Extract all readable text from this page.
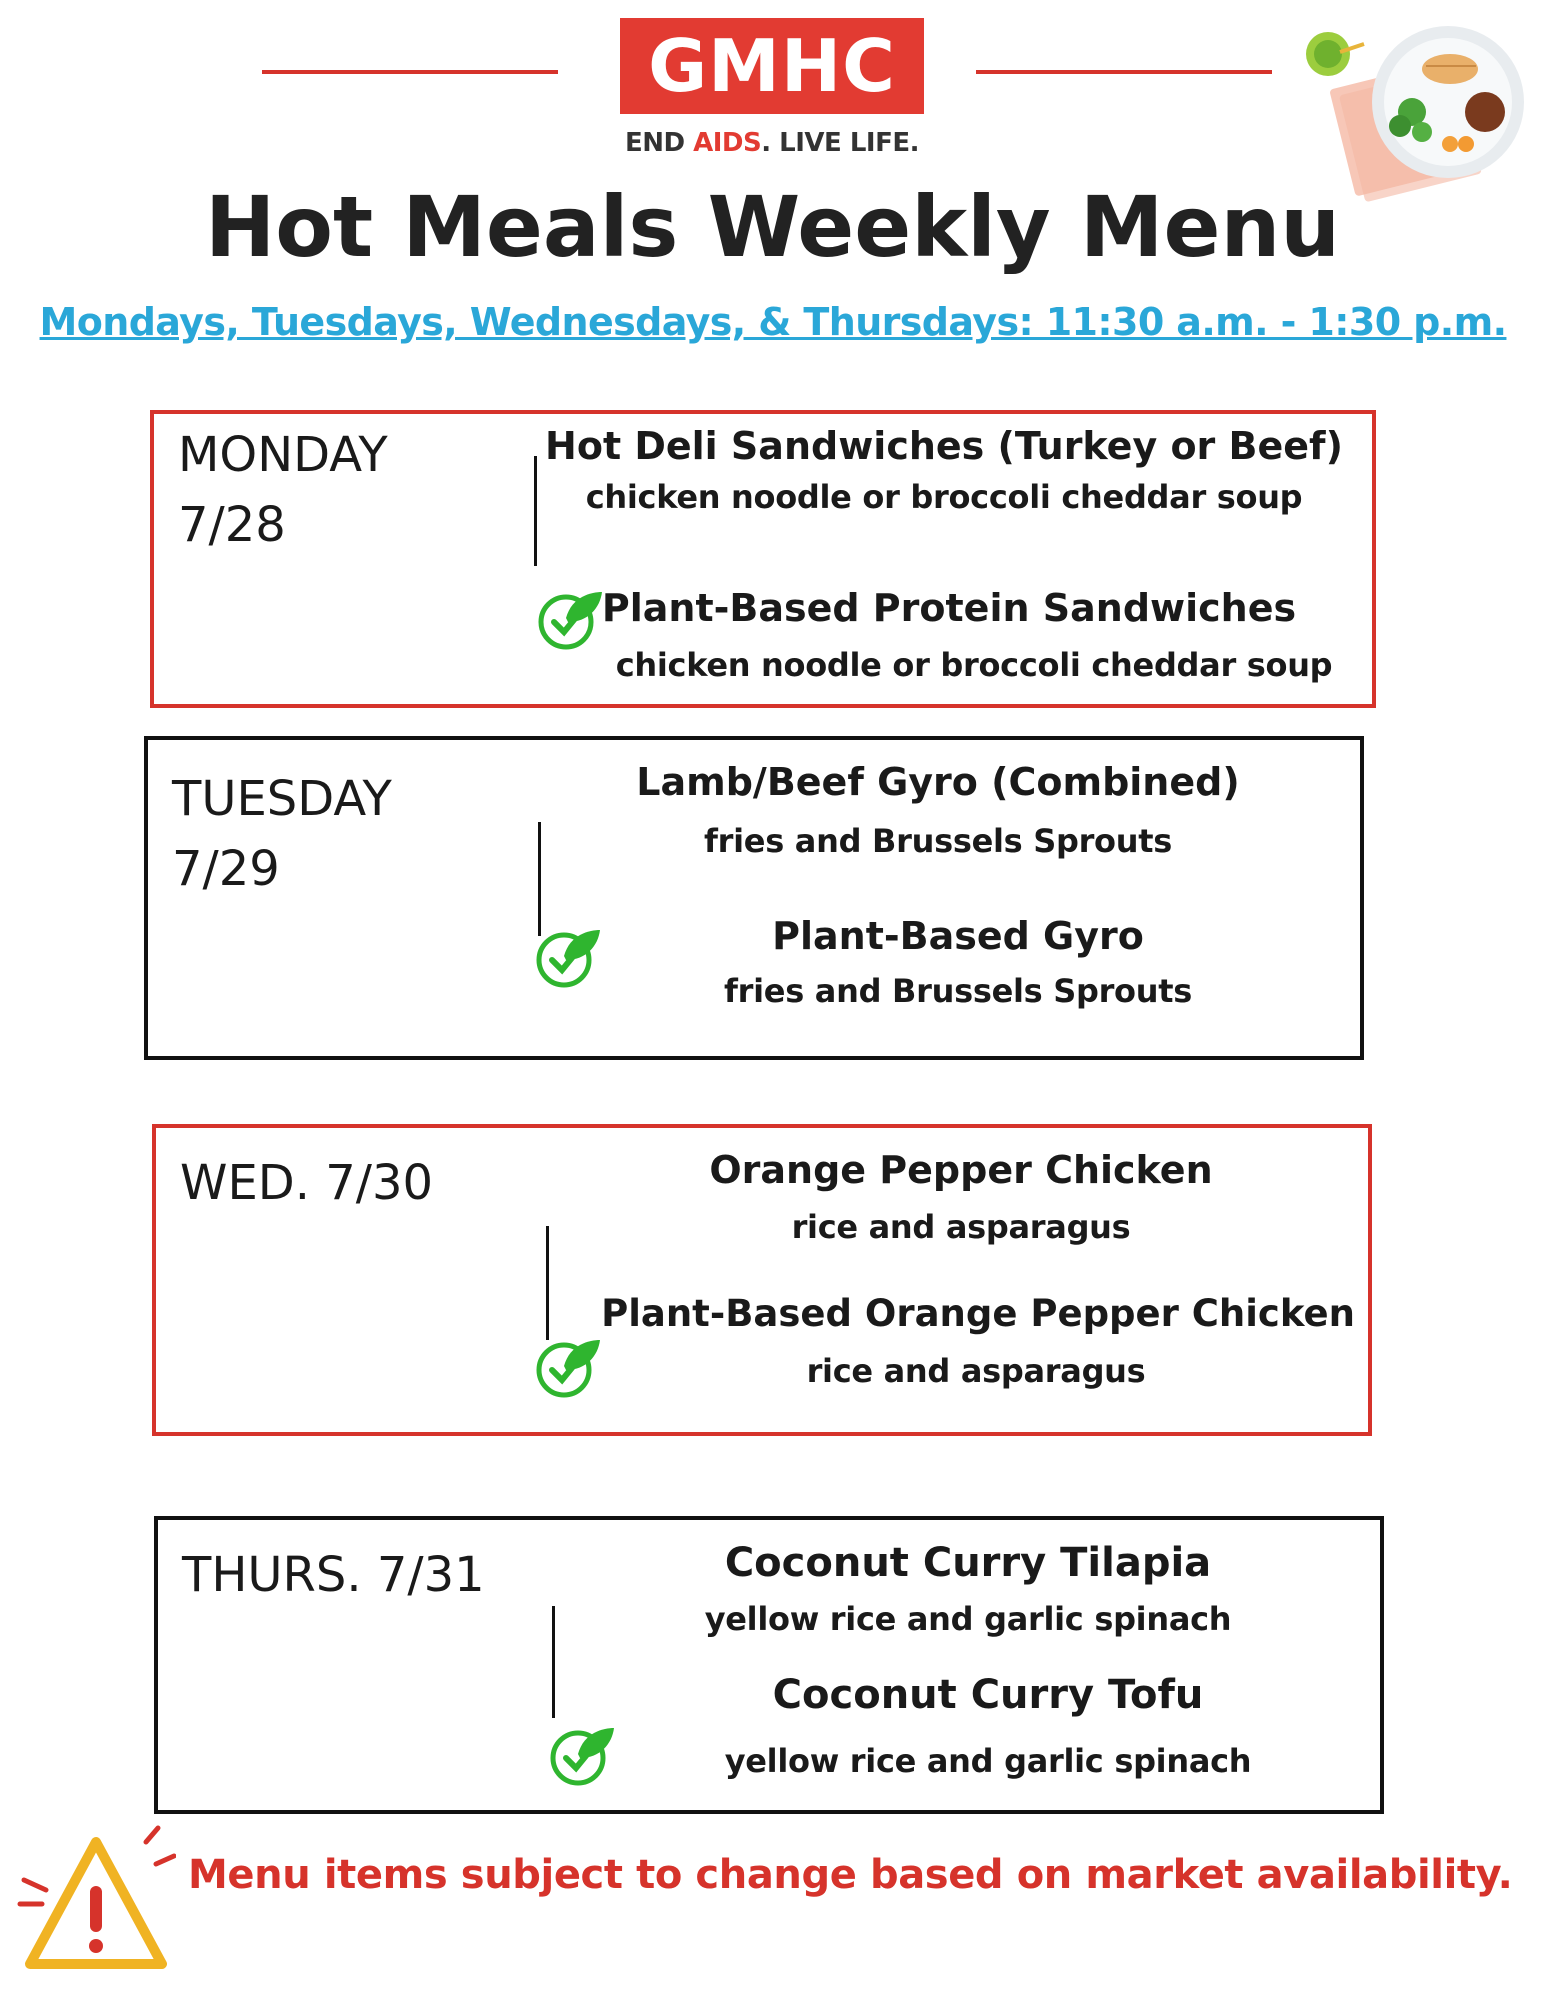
GMHC
END AIDS. LIVE LIFE.
Hot Meals Weekly Menu
Mondays, Tuesdays, Wednesdays, & Thursdays: 11:30 a.m. - 1:30 p.m.
MONDAY
7/28
Hot Deli Sandwiches (Turkey or Beef)
chicken noodle or broccoli cheddar soup
Plant-Based Protein Sandwiches
chicken noodle or broccoli cheddar soup
TUESDAY
7/29
Lamb/Beef Gyro (Combined)
fries and Brussels Sprouts
Plant-Based Gyro
fries and Brussels Sprouts
WED. 7/30	Orange Pepper Chicken
rice and asparagus
Plant-Based Orange Pepper Chicken
rice and asparagus
THURS. 7/31	Coconut Curry Tilapia
yellow rice and garlic spinach
Coconut Curry Tofu
yellow rice and garlic spinach
Menu items subject to change based on market availability.
